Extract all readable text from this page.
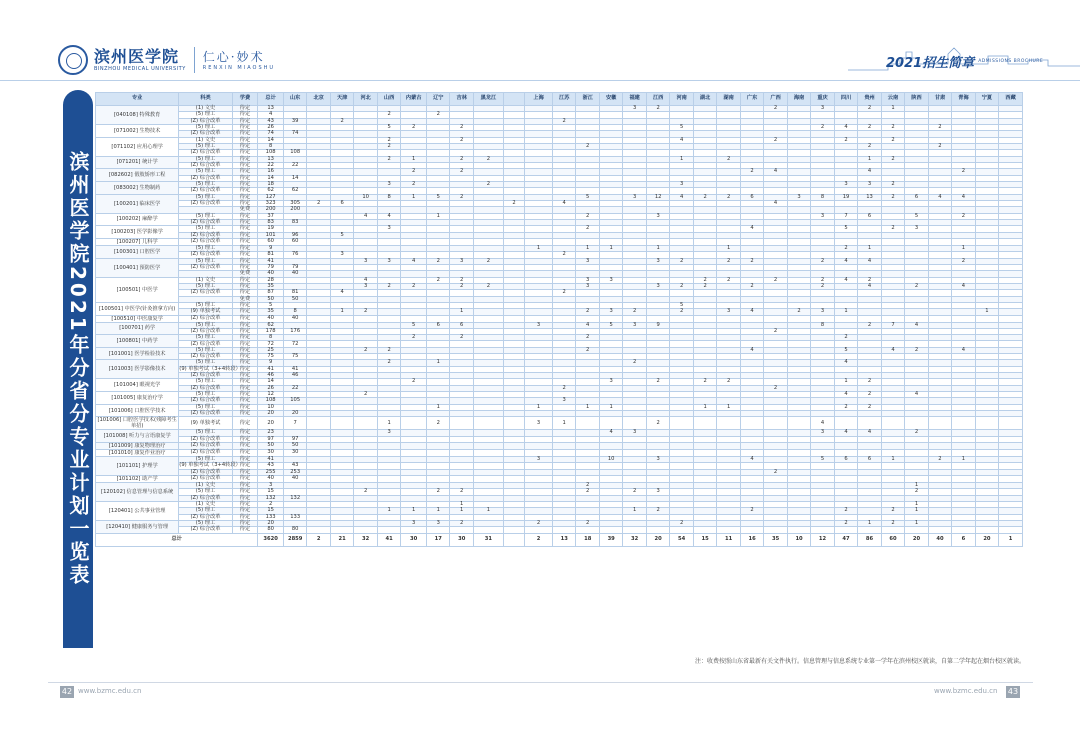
滨州医学院
BINZHOU MEDICAL UNIVERSITY
仁心·妙术
RENXIN MIAOSHU	2021招生简章 ADMISSIONS BROCHURE
滨州医学院2021年分省分专业计划一览表
专业	科类	学费	总计	山东	北京	天津	河北	山西	内蒙古	辽宁	吉林	黑龙江		上海	江苏	浙江	安徽	福建	江西	河南	湖北	湖南	广东	广西	海南	重庆	四川	贵州	云南	陕西	甘肃	青海	宁夏	西藏
[040108] 特殊教育	(1) 文史	待定	13															3	2					2		3		2	1					
	(5) 理工	待定	4					2		2																								
	(Z) 综合改革	待定	43	39		2									2																			
[071002] 生物技术	(5) 理工	待定	26					5	2		2									5						2	4	2	2		2			
	(Z) 综合改革	待定	74	74																														
[071102] 应用心理学	(1) 文史	待定	14					2			2									4				2			2		2					
	(5) 理工	待定	8					2								2												2			2			
	(Z) 综合改革	待定	108	108																														
[071201] 统计学	(5) 理工	待定	13					2	1		2	2								1		2						1	2					
	(Z) 综合改革	待定	22	22																														
[082602] 假肢矫形工程	(5) 理工	待定	16						2		2												2	4				4				2		
	(Z) 综合改革	待定	14	14																														
[083002] 生物制药	(5) 理工	待定	18					3	2			2								3							3	3	2					
	(Z) 综合改革	待定	62	62																														
[100201] 临床医学	(5) 理工	待定	127				10	8	1	5	2					5		3	12	4	2	2	6		3	8	19	13	2	6	4	4		
	(Z) 综合改革	待定	323	305	2	6							2		4									4										
		免费	200	200																														
[100202] 麻醉学	(5) 理工	待定	37				4	4		1						2			3							3	7	6		5		2		
	(Z) 综合改革	待定	83	83																														
[100203] 医学影像学	(5) 理工	待定	19					3								2							4				5		2	3				
	(Z) 综合改革	待定	101	96		5																												
[100207] 儿科学	(Z) 综合改革	待定	60	60																														
[100301] 口腔医学	(5) 理工	待定	9											1		1	1		1			1					2	1				1		
	(Z) 综合改革	待定	81	76		3									2																			
[100401] 预防医学	(5) 理工	待定	41				3	3	4	2	3	2				3			3	2		2	2			2	4	4				2		
	(Z) 综合改革	待定	79	79																														
		免费	40	40																														
[100501] 中医学	(1) 文史	待定	28				4			2	2					3	3				2	2		2		2	4	2						
	(5) 理工	待定	35				3	2	2		2	2				3			3	2	2		2			2		4		2		4		
	(Z) 综合改革	待定	87	81		4									2																			
		免费	50	50																														
[100501] 中医学(针灸推拿方向)	(5) 理工	待定	5																	5														
	(9) 单独考试	待定	35	8		1	2				1					2	3	2		2		3	4		2	3	1						1	
[100510] 中医康复学	(Z) 综合改革	待定	40	40																														
[100701] 药学	(5) 理工	待定	62						5	6	6			3		4	5	3	9							8		2	7	4				
	(Z) 综合改革	待定	178	176																				2										
[100801] 中药学	(5) 理工	待定	8						2		2					2											2							
	(Z) 综合改革	待定	72	72																														
[101001] 医学检验技术	(5) 理工	待定	25				2	2								2							4				5		4	2		4		
	(Z) 综合改革	待定	75	75																														
[101003] 医学影像技术	(5) 理工	待定	9					2		1								2									4							
	(9) 单独考试（3+4转段）	待定	41	41																														
	(Z) 综合改革	待定	46	46																														
[101004] 眼视光学	(5) 理工	待定	14						2								3		2		2	2					1	2						
	(Z) 综合改革	待定	26	22											2									2										
[101005] 康复治疗学	(5) 理工	待定	12				2																				4	2		4				
	(Z) 综合改革	待定	108	105											3																			
[101006] 口腔医学技术	(5) 理工	待定	10							1				1		1	1				1	1					2	2						
	(Z) 综合改革	待定	20	20																														
[101006] 口腔医学技术(残障考生单招)	(9) 单独考试	待定	20	7				1		2				3	1				2							4								
[101008] 听力与言语康复学	(5) 理工	待定	23					3									4	3								3	4	4		2				
	(Z) 综合改革	待定	97	97																														
[101009] 康复物理治疗	(Z) 综合改革	待定	50	50																														
[101010] 康复作业治疗	(Z) 综合改革	待定	30	30																														
[101101] 护理学	(5) 理工	待定	41											3			10		3				4			5	6	6	1		2	1		
	(9) 单独考试（3+4转段）	待定	43	43																														
	(Z) 综合改革	待定	255	253																				2										
[101102] 助产学	(Z) 综合改革	待定	40	40																														
[120102] 信息管理与信息系统	(1) 文史	待定	3													2														1				
	(5) 理工	待定	15				2			2	2					2		2	3											2				
	(Z) 综合改革	待定	132	132																														
[120401] 公共事业管理	(1) 文史	待定	2								1																			1				
	(5) 理工	待定	15					1	1	1	1	1						1	2				2				2		2	1				
	(Z) 综合改革	待定	133	133																														
[120410] 健康服务与管理	(5) 理工	待定	20						3	3	2			2		2				2							2	1	2	1				
	(Z) 综合改革	待定	80	80																														
总计			3620	2859	2	21	32	41	30	17	30	31		2	13	18	39	32	20	54	15	11	16	35	10	12	47	86	60	20	40	6	20	1
注：收费按照山东省最新有关文件执行。信息管理与信息系统专业第一学年在滨州校区就读，自第二学年起在烟台校区就读。
42 www.bzmc.edu.cn	www.bzmc.edu.cn 43
